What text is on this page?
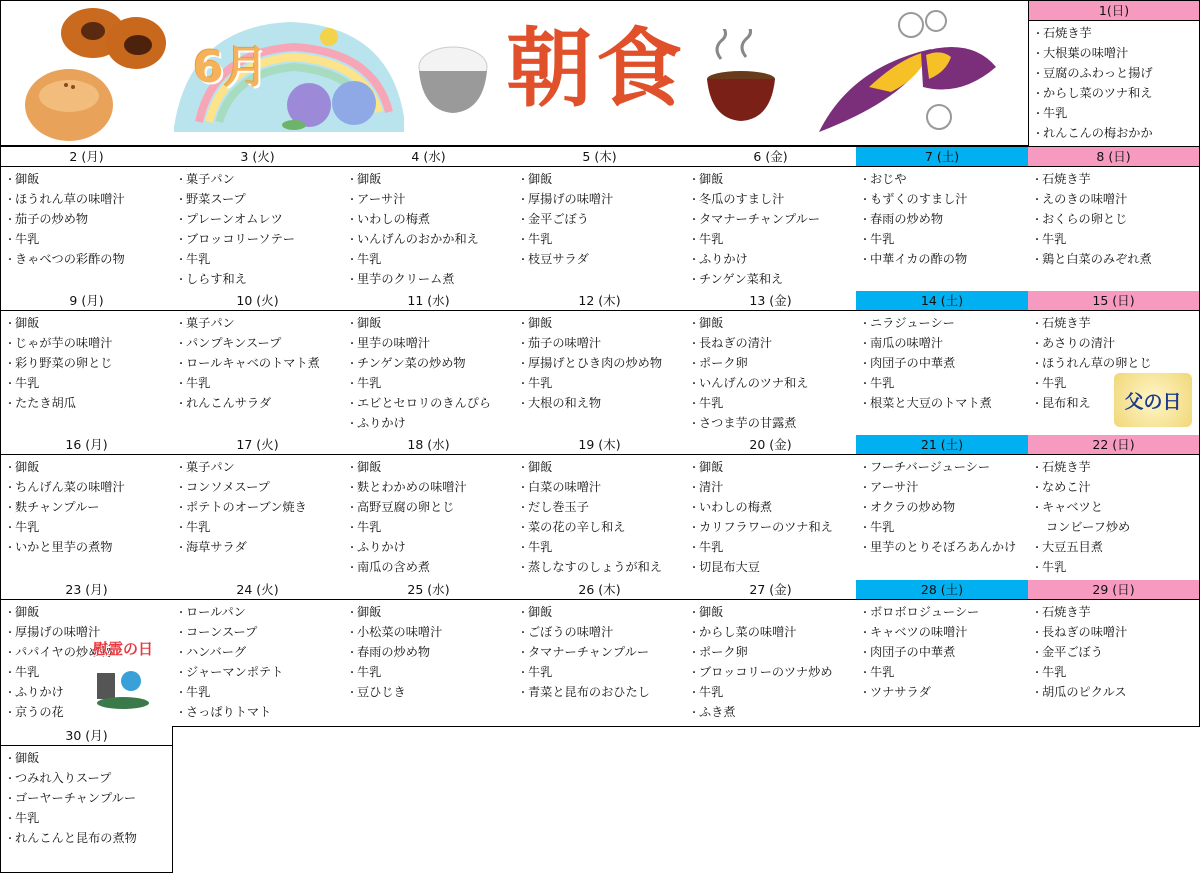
6月	朝食
1(日)
・ 石焼き芋
・ 大根葉の味噌汁
・ 豆腐のふわっと揚げ
・ からし菜のツナ和え
・ 牛乳
・ れんこんの梅おかか
2 (月)
・ 御飯
・ ほうれん草の味噌汁
・ 茄子の炒め物
・ 牛乳
・ きゃべつの彩酢の物
3 (火)
・ 菓子パン
・ 野菜スープ
・ プレーンオムレツ
・ ブロッコリーソテー
・ 牛乳
・ しらす和え
4 (水)
・ 御飯
・ アーサ汁
・ いわしの梅煮
・ いんげんのおかか和え
・ 牛乳
・ 里芋のクリーム煮
5 (木)
・ 御飯
・ 厚揚げの味噌汁
・ 金平ごぼう
・ 牛乳
・ 枝豆サラダ
6 (金)
・ 御飯
・ 冬瓜のすまし汁
・ タマナーチャンプルー
・ 牛乳
・ ふりかけ
・ チンゲン菜和え
7 (土)
・ おじや
・ もずくのすまし汁
・ 春雨の炒め物
・ 牛乳
・ 中華イカの酢の物
8 (日)
・ 石焼き芋
・ えのきの味噌汁
・ おくらの卵とじ
・ 牛乳
・ 鶏と白菜のみぞれ煮
9 (月)
・ 御飯
・ じゃが芋の味噌汁
・ 彩り野菜の卵とじ
・ 牛乳
・ たたき胡瓜
10 (火)
・ 菓子パン
・ パンプキンスープ
・ ロールキャベのトマト煮
・ 牛乳
・ れんこんサラダ
11 (水)
・ 御飯
・ 里芋の味噌汁
・ チンゲン菜の炒め物
・ 牛乳
・ エビとセロリのきんぴら
・ ふりかけ
12 (木)
・ 御飯
・ 茄子の味噌汁
・ 厚揚げとひき肉の炒め物
・ 牛乳
・ 大根の和え物
13 (金)
・ 御飯
・ 長ねぎの清汁
・ ポーク卵
・ いんげんのツナ和え
・ 牛乳
・ さつま芋の甘露煮
14 (土)
・ ニラジューシー
・ 南瓜の味噌汁
・ 肉団子の中華煮
・ 牛乳
・ 根菜と大豆のトマト煮
15 (日)
・ 石焼き芋
・ あさりの清汁
・ ほうれん草の卵とじ
・ 牛乳
・ 昆布和え	父の日
16 (月)
・ 御飯
・ ちんげん菜の味噌汁
・ 麩チャンプルー
・ 牛乳
・ いかと里芋の煮物
17 (火)
・ 菓子パン
・ コンソメスープ
・ ポテトのオーブン焼き
・ 牛乳
・ 海草サラダ
18 (水)
・ 御飯
・ 麩とわかめの味噌汁
・ 高野豆腐の卵とじ
・ 牛乳
・ ふりかけ
・ 南瓜の含め煮
19 (木)
・ 御飯
・ 白菜の味噌汁
・ だし巻玉子
・ 菜の花の辛し和え
・ 牛乳
・ 蒸しなすのしょうが和え
20 (金)
・ 御飯
・ 清汁
・ いわしの梅煮
・ カリフラワーのツナ和え
・ 牛乳
・ 切昆布大豆
21 (土)
・ フーチバージューシー
・ アーサ汁
・ オクラの炒め物
・ 牛乳
・ 里芋のとりそぼろあんかけ
22 (日)
・ 石焼き芋
・ なめこ汁
・ キャベツと
コンビーフ炒め
・ 大豆五目煮
・ 牛乳
23 (月)
・ 御飯
・ 厚揚げの味噌汁
・ パパイヤの炒め物
・ 牛乳
・ ふりかけ
・ 京うの花
慰霊の日
24 (火)
・ ロールパン
・ コーンスープ
・ ハンバーグ
・ ジャーマンポテト
・ 牛乳
・ さっぱりトマト
25 (水)
・ 御飯
・ 小松菜の味噌汁
・ 春雨の炒め物
・ 牛乳
・ 豆ひじき
26 (木)
・ 御飯
・ ごぼうの味噌汁
・ タマナーチャンプルー
・ 牛乳
・ 青菜と昆布のおひたし
27 (金)
・ 御飯
・ からし菜の味噌汁
・ ポーク卵
・ ブロッコリーのツナ炒め
・ 牛乳
・ ふき煮
28 (土)
・ ボロボロジューシー
・ キャベツの味噌汁
・ 肉団子の中華煮
・ 牛乳
・ ツナサラダ
29 (日)
・ 石焼き芋
・ 長ねぎの味噌汁
・ 金平ごぼう
・ 牛乳
・ 胡瓜のピクルス
30 (月)
・ 御飯
・ つみれ入りスープ
・ ゴーヤーチャンプルー
・ 牛乳
・ れんこんと昆布の煮物
